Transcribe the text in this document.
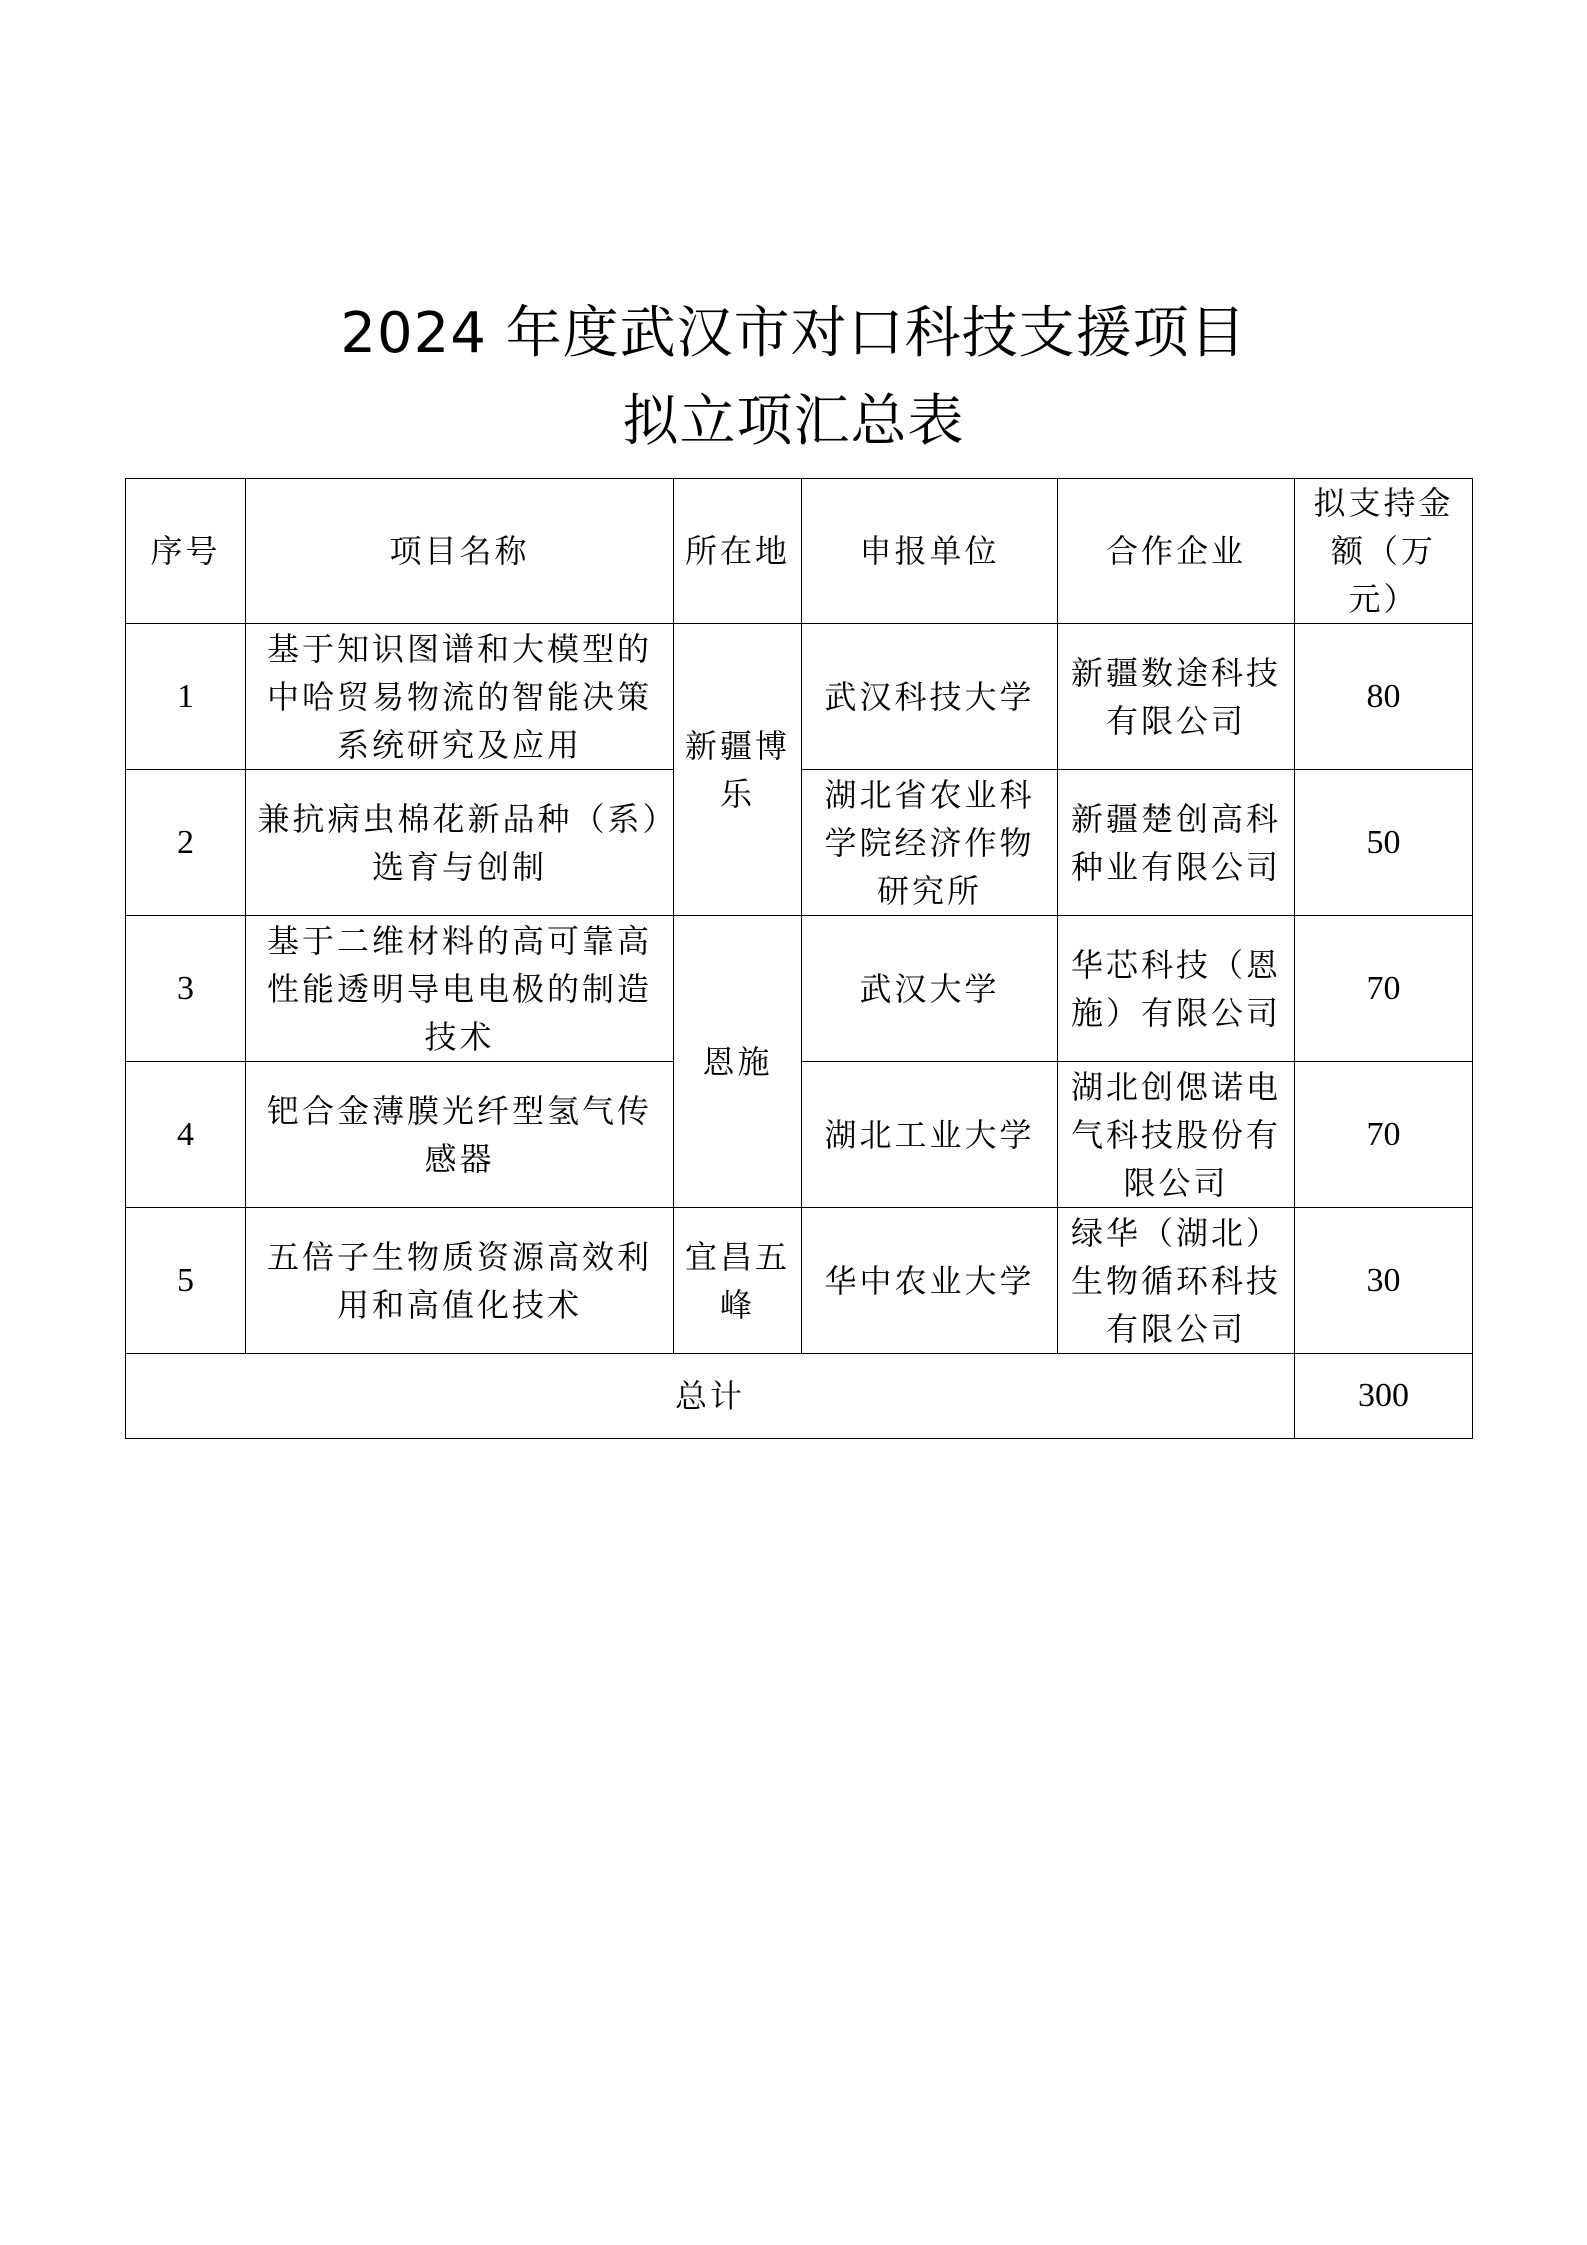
2024 年度武汉市对口科技支援项目
拟立项汇总表
序号	项目名称	所在地	申报单位	合作企业	拟支持金额（万元）
1	基于知识图谱和大模型的中哈贸易物流的智能决策系统研究及应用	新疆博乐	武汉科技大学	新疆数途科技有限公司	80
2	兼抗病虫棉花新品种（系）选育与创制		湖北省农业科学院经济作物研究所	新疆楚创高科种业有限公司	50
3	基于二维材料的高可靠高性能透明导电电极的制造技术	恩施	武汉大学	华芯科技（恩施）有限公司	70
4	钯合金薄膜光纤型氢气传感器		湖北工业大学	湖北创偲诺电气科技股份有限公司	70
5	五倍子生物质资源高效利用和高值化技术	宜昌五峰	华中农业大学	绿华（湖北）生物循环科技有限公司	30
总计					300
